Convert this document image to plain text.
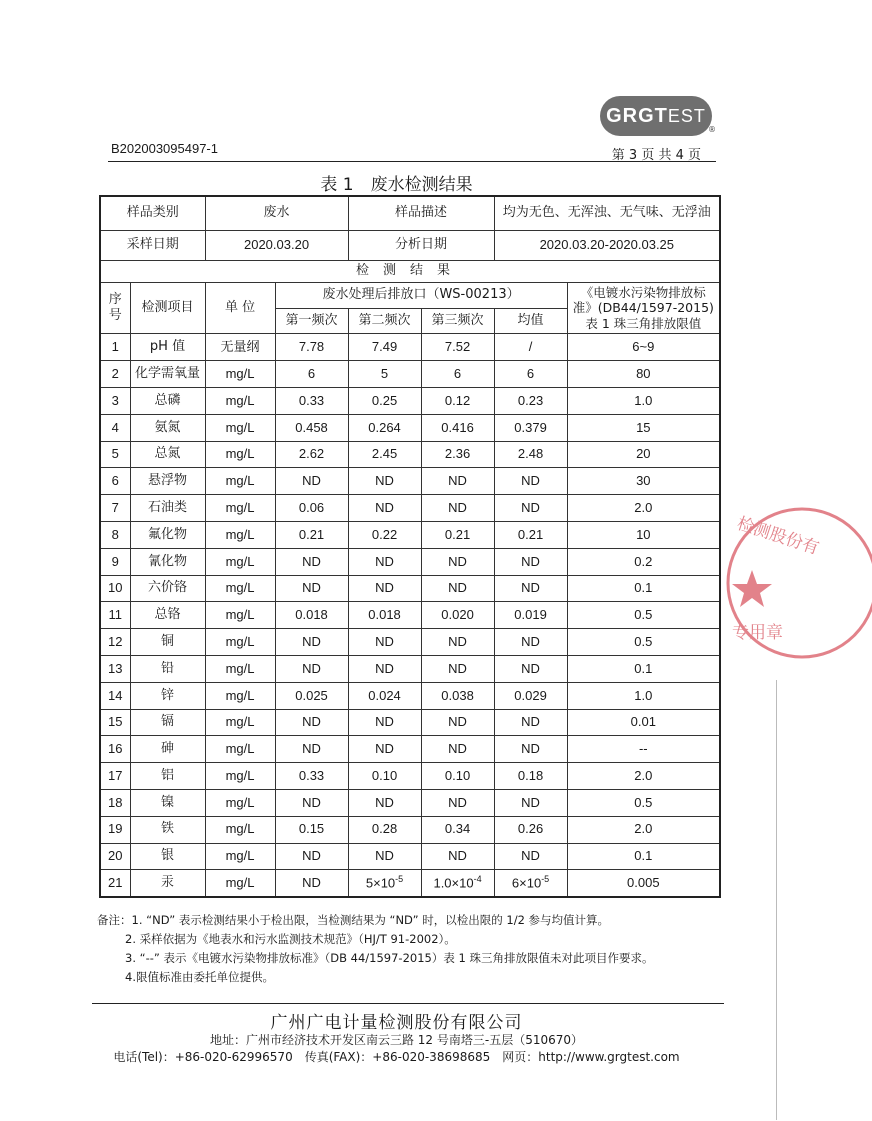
GRGT EST
®
B202003095497-1	第 3 页 共 4 页
表 1　废水检测结果
样品类别		废水		样品描述		均为无色、无浑浊、无气味、无浮油	
采样日期		2020.03.20		分析日期		2020.03.20-2020.03.25	
检测结果							
序号	检测项目	单 位	废水处理后排放口（WS-00213）				《电镀水污染物排放标准》(DB44/1597-2015) 表 1 珠三角排放限值
			第一频次	第二频次	第三频次	均值	
1	pH 值	无量纲	7.78	7.49	7.52	/	6~9
2	化学需氧量	mg/L	6	5	6	6	80
3	总磷	mg/L	0.33	0.25	0.12	0.23	1.0
4	氨氮	mg/L	0.458	0.264	0.416	0.379	15
5	总氮	mg/L	2.62	2.45	2.36	2.48	20
6	悬浮物	mg/L	ND	ND	ND	ND	30
7	石油类	mg/L	0.06	ND	ND	ND	2.0
8	氟化物	mg/L	0.21	0.22	0.21	0.21	10
9	氰化物	mg/L	ND	ND	ND	ND	0.2
10	六价铬	mg/L	ND	ND	ND	ND	0.1
11	总铬	mg/L	0.018	0.018	0.020	0.019	0.5
12	铜	mg/L	ND	ND	ND	ND	0.5
13	铅	mg/L	ND	ND	ND	ND	0.1
14	锌	mg/L	0.025	0.024	0.038	0.029	1.0
15	镉	mg/L	ND	ND	ND	ND	0.01
16	砷	mg/L	ND	ND	ND	ND	--
17	铝	mg/L	0.33	0.10	0.10	0.18	2.0
18	镍	mg/L	ND	ND	ND	ND	0.5
19	铁	mg/L	0.15	0.28	0.34	0.26	2.0
20	银	mg/L	ND	ND	ND	ND	0.1
21	汞	mg/L	ND	$5\times 10^{-5}$	$1.0\times 10^{-4}$	$6\times 10^{-5}$	0.005
备注：1. “ND” 表示检测结果小于检出限，当检测结果为 “ND” 时，以检出限的 1/2 参与均值计算。
2. 采样依据为《地表水和污水监测技术规范》（HJ/T 91-2002）。
3. “--” 表示《电镀水污染物排放标准》（DB 44/1597-2015）表 1 珠三角排放限值未对此项目作要求。
4.限值标准由委托单位提供。
广州广电计量检测股份有限公司
地址：广州市经济技术开发区南云三路 12 号南塔三-五层（510670）
电话(Tel)：+86-020-62996570　传真(FAX)：+86-020-38698685　网页：http://www.grgtest.com
检测股份有
专用章
